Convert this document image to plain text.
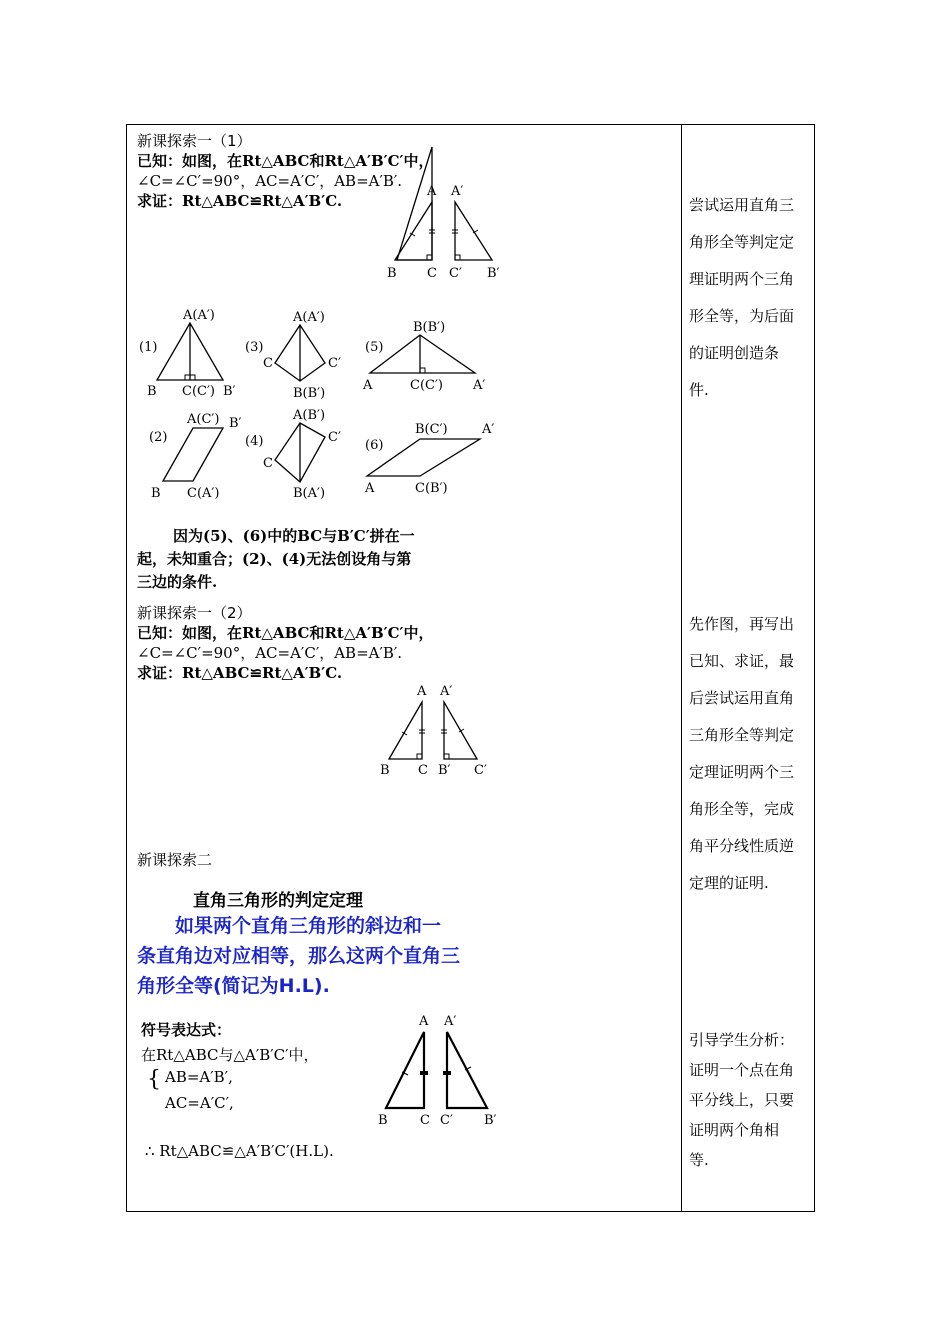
新课探索一（1）
已知：如图，在Rt△ABC和Rt△A′B′C′中，
∠C=∠C′=90°，AC=A′C′，AB=A′B′.
求证：Rt△ABC≌Rt△A′B′C.
A A′
B C C′ B′
(1)
A(A′)
B C(C′) B′
(2)
A(C′) B′
B C(A′)
(3)
A(A′)
C	C′
B(B′)
(4)
A(B′)
C
C′
B(A′)
(5)
B(B′)
A	C(C′) A′
(6)
B(C′)	A′
A	C(B′)
因为(5)、(6)中的BC与B′C′拼在一
起，未知重合；(2)、(4)无法创设角与第
三边的条件.
尝试运用直角三
角形全等判定定
理证明两个三角
形全等，为后面
的证明创造条
件.
新课探索一（2）
已知：如图，在Rt△ABC和Rt△A′B′C′中，
∠C=∠C′=90°，AC=A′C′，AB=A′B′.
求证：Rt△ABC≌Rt△A′B′C.
A A′
B C B′ C′
先作图，再写出
已知、求证，最
后尝试运用直角
三角形全等判定
定理证明两个三
角形全等，完成
角平分线性质逆
定理的证明.
新课探索二
直角三角形的判定定理
如果两个直角三角形的斜边和一
条直角边对应相等，那么这两个直角三
角形全等(简记为H.L).
符号表达式：
在Rt△ABC与△A′B′C′中，
{ AB=A′B′,
AC=A′C′,
∴ Rt△ABC≌△A′B′C′(H.L).
A A′
B C C′ B′
引导学生分析：
证明一个点在角
平分线上，只要
证明两个角相
等.
